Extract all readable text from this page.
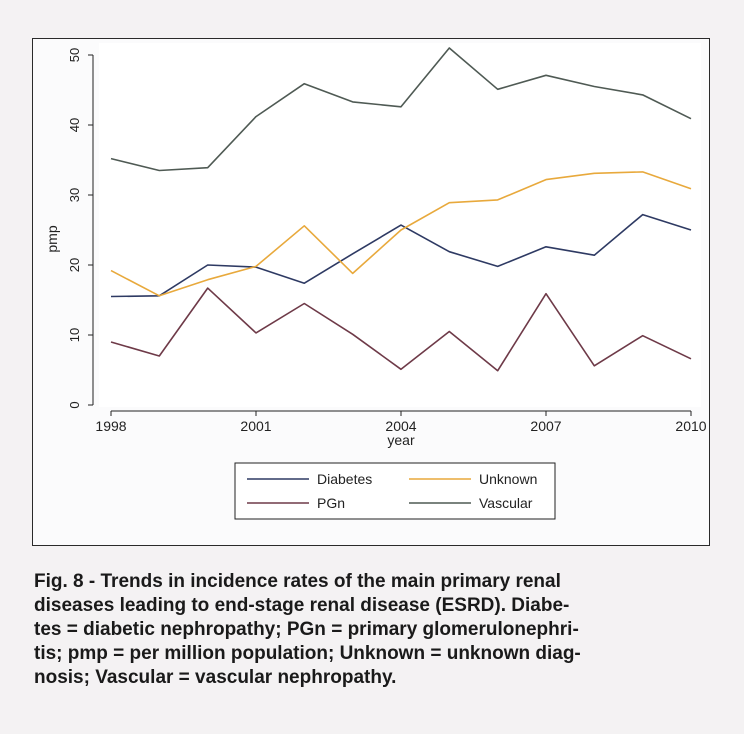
0
10
20
30
40
50
pmp
1998	2001	2004	2007	2010
year
Diabetes	Unknown
PGn	Vascular
Fig. 8 - Trends in incidence rates of the main primary renal
diseases leading to end-stage renal disease (ESRD). Diabe-
tes = diabetic nephropathy; PGn = primary glomerulonephri-
tis; pmp = per million population; Unknown = unknown diag-
nosis; Vascular = vascular nephropathy.
